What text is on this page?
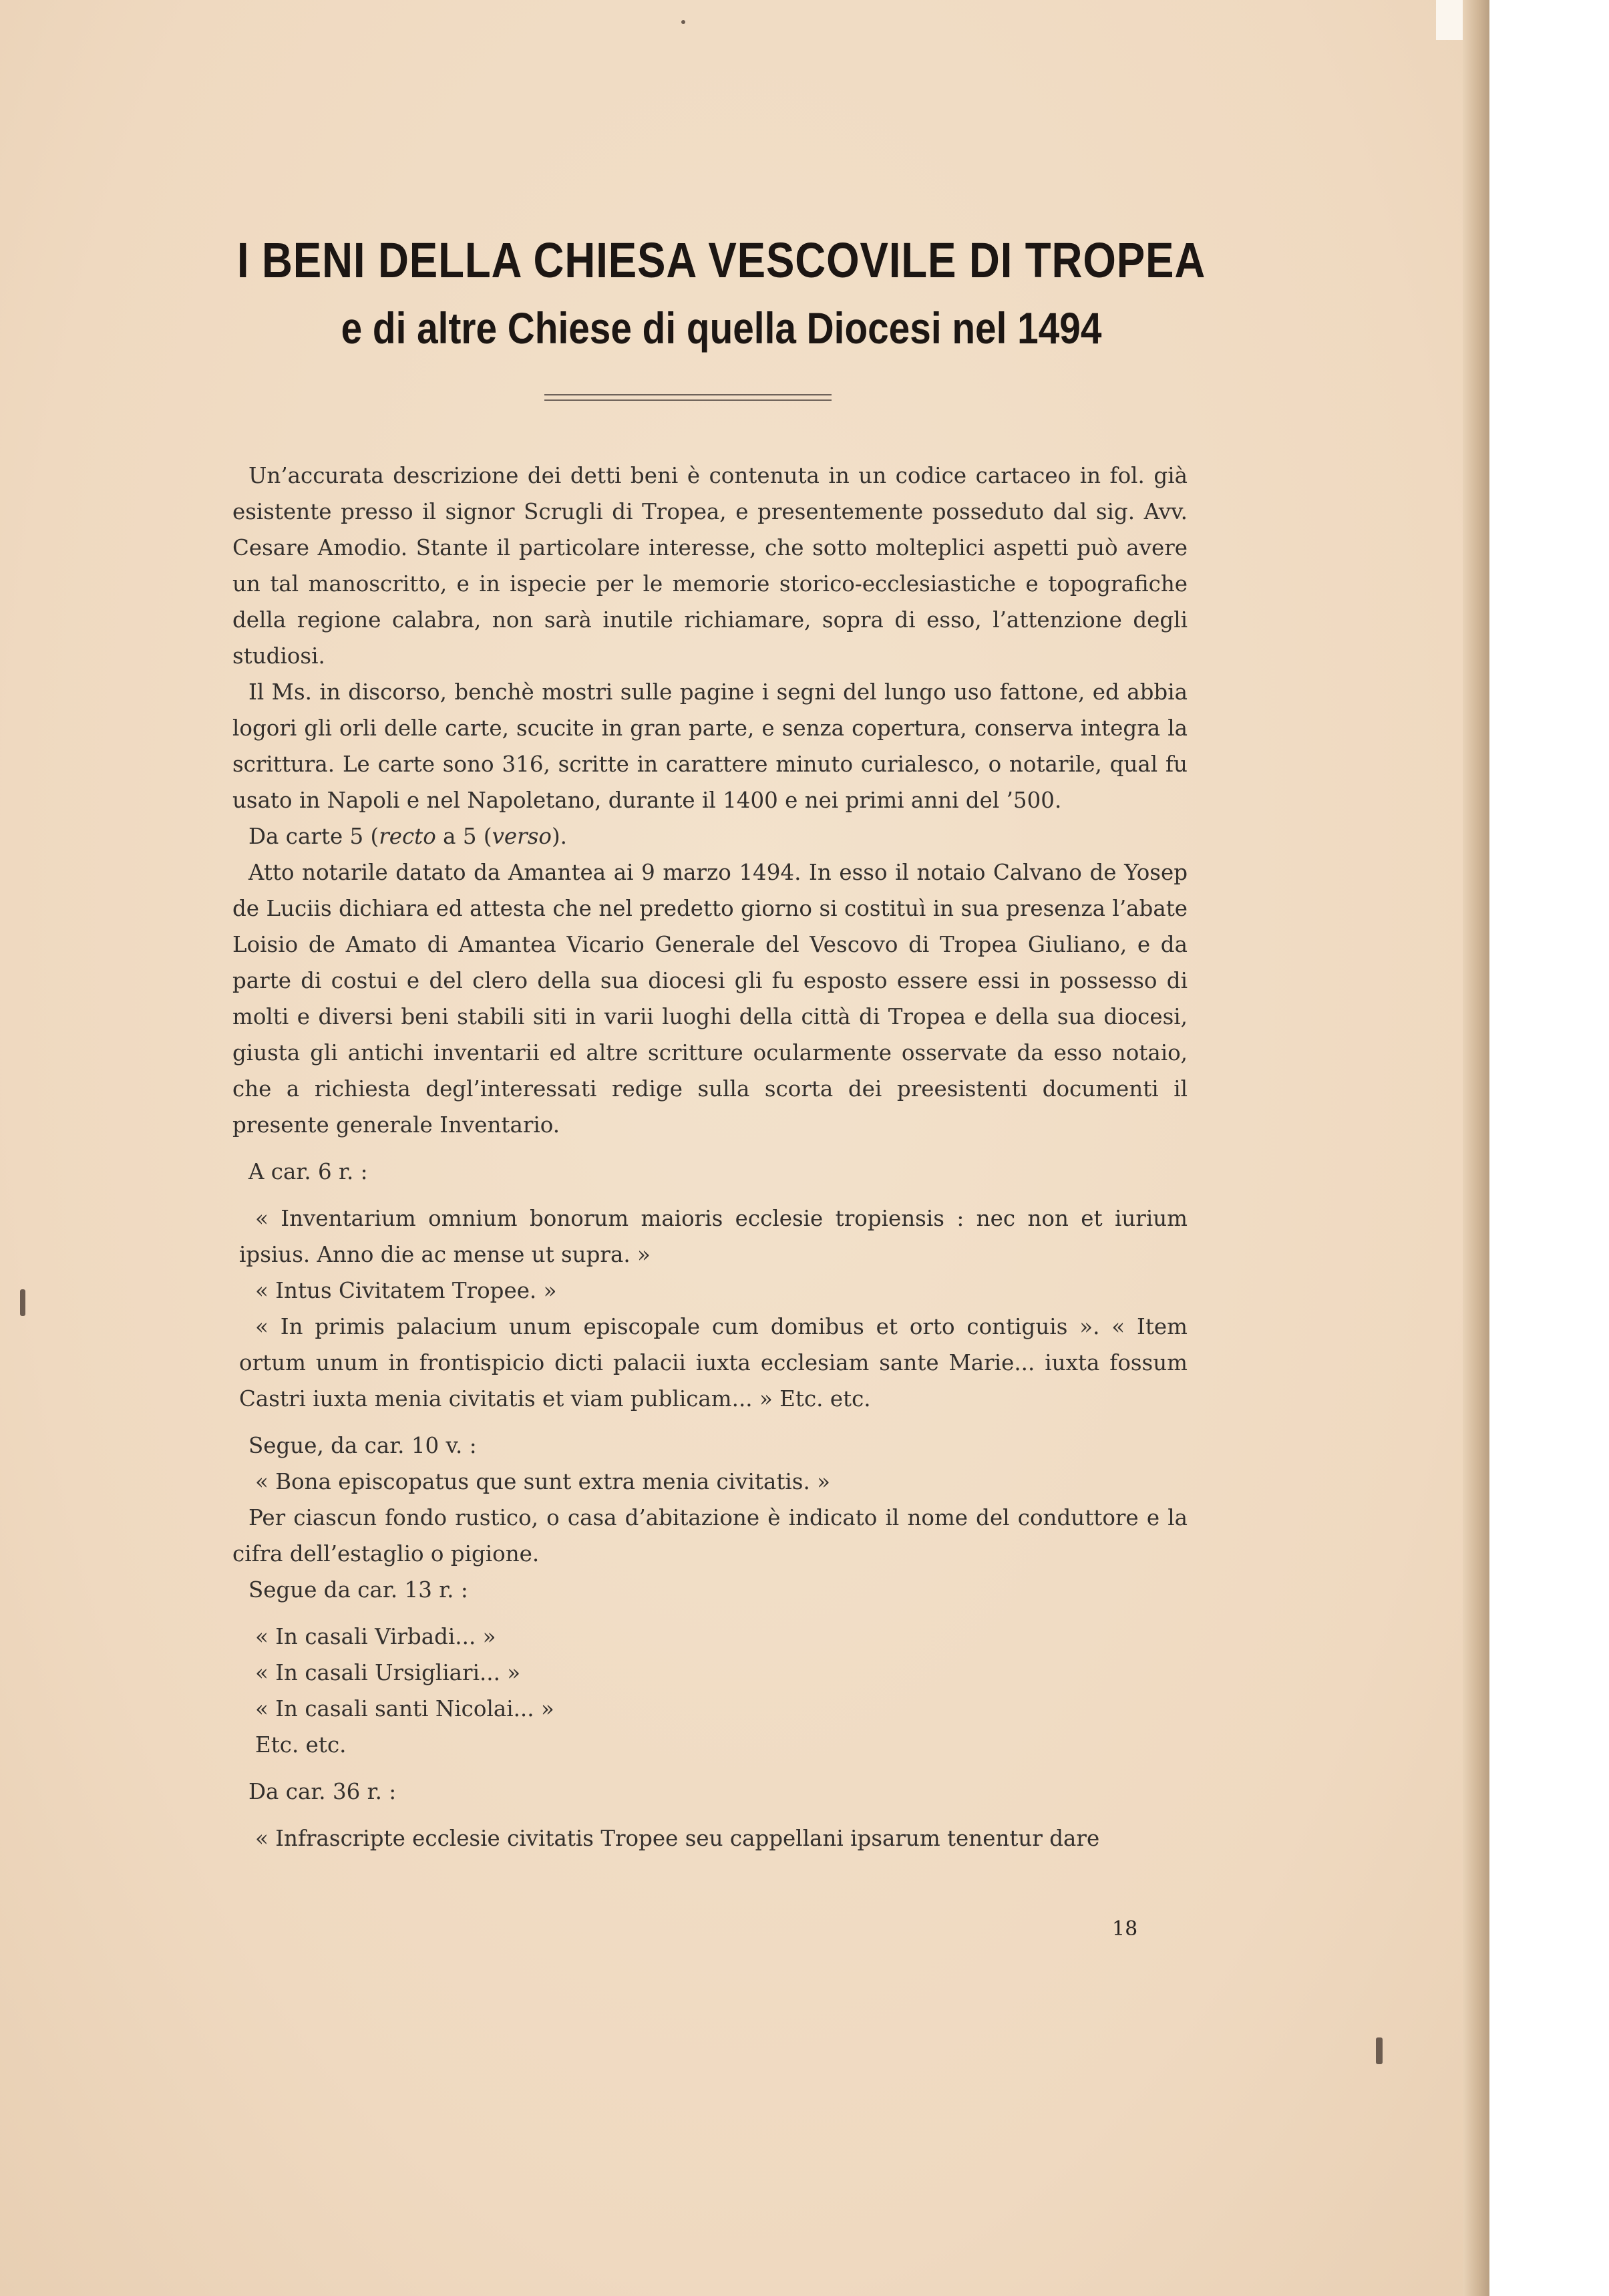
I BENI DELLA CHIESA VESCOVILE DI TROPEA
e di altre Chiese di quella Diocesi nel 1494

Un’accurata descrizione dei detti beni è contenuta in un codice cartaceo in fol. già esistente presso il signor Scrugli di Tropea, e presentemente posseduto dal sig. Avv. Cesare Amodio. Stante il particolare interesse, che sotto molteplici aspetti può avere un tal manoscritto, e in ispecie per le memorie storico-ecclesiastiche e topografiche della regione calabra, non sarà inutile richiamare, sopra di esso, l’attenzione degli studiosi.

Il Ms. in discorso, benchè mostri sulle pagine i segni del lungo uso fattone, ed abbia logori gli orli delle carte, scucite in gran parte, e senza copertura, conserva integra la scrittura. Le carte sono 316, scritte in carattere minuto curialesco, o notarile, qual fu usato in Napoli e nel Napoletano, durante il 1400 e nei primi anni del ’500.

Da carte 5 (recto a 5 (verso).

Atto notarile datato da Amantea ai 9 marzo 1494. In esso il notaio Calvano de Yosep de Luciis dichiara ed attesta che nel predetto giorno si costituì in sua presenza l’abate Loisio de Amato di Amantea Vicario Generale del Vescovo di Tropea Giuliano, e da parte di costui e del clero della sua diocesi gli fu esposto essere essi in possesso di molti e diversi beni stabili siti in varii luoghi della città di Tropea e della sua diocesi, giusta gli antichi inventarii ed altre scritture ocularmente osservate da esso notaio, che a richiesta degl’interessati redige sulla scorta dei preesistenti documenti il presente generale Inventario.

A car. 6 r. :

« Inventarium omnium bonorum maioris ecclesie tropiensis : nec non et iurium ipsius. Anno die ac mense ut supra. »

« Intus Civitatem Tropee. »

« In primis palacium unum episcopale cum domibus et orto contiguis ». « Item ortum unum in frontispicio dicti palacii iuxta ecclesiam sante Marie... iuxta fossum Castri iuxta menia civitatis et viam publicam... » Etc. etc.

Segue, da car. 10 v. :

« Bona episcopatus que sunt extra menia civitatis. »

Per ciascun fondo rustico, o casa d’abitazione è indicato il nome del conduttore e la cifra dell’estaglio o pigione.

Segue da car. 13 r. :

« In casali Virbadi... »

« In casali Ursigliari... »

« In casali santi Nicolai... »

Etc. etc.

Da car. 36 r. :

« Infrascripte ecclesie civitatis Tropee seu cappellani ipsarum tenentur dare

18
